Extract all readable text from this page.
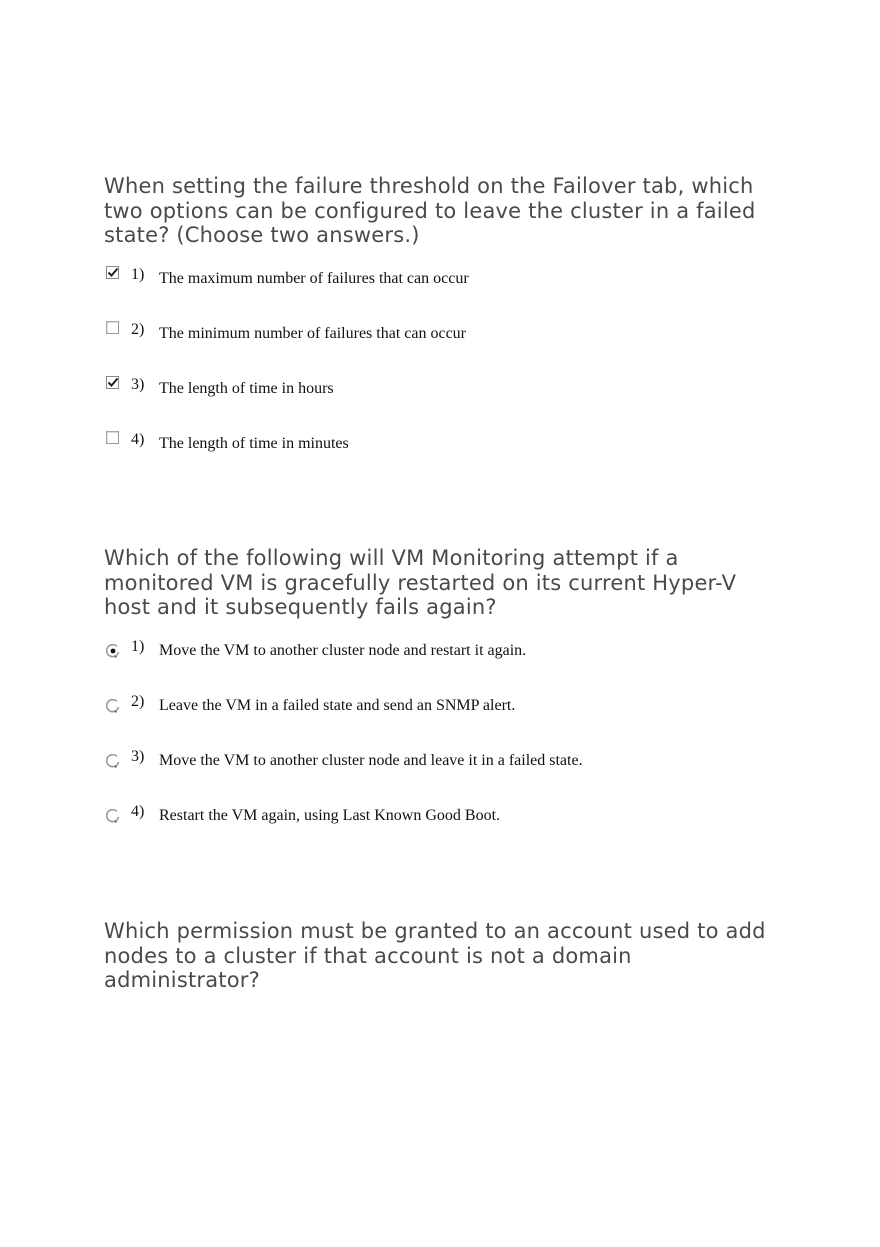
When setting the failure threshold on the Failover tab, which
two options can be configured to leave the cluster in a failed
state? (Choose two answers.)

1) The maximum number of failures that can occur
2) The minimum number of failures that can occur
3) The length of time in hours
4) The length of time in minutes

Which of the following will VM Monitoring attempt if a
monitored VM is gracefully restarted on its current Hyper-V
host and it subsequently fails again?

1) Move the VM to another cluster node and restart it again.
2) Leave the VM in a failed state and send an SNMP alert.
3) Move the VM to another cluster node and leave it in a failed state.
4) Restart the VM again, using Last Known Good Boot.

Which permission must be granted to an account used to add
nodes to a cluster if that account is not a domain
administrator?
